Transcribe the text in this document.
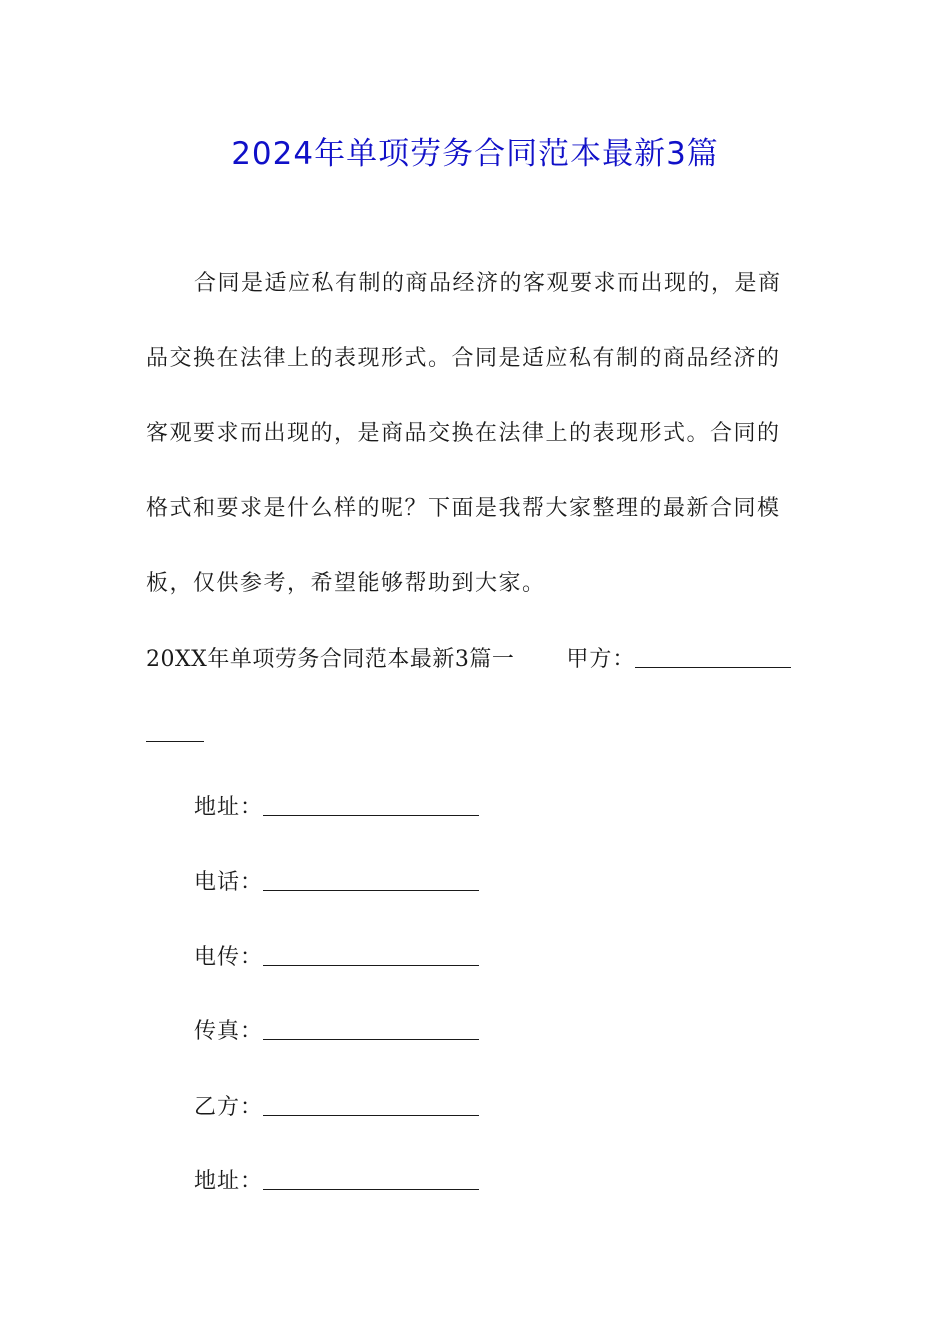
2024年单项劳务合同范本最新3篇
合同是适应私有制的商品经济的客观要求而出现的，是商
品交换在法律上的表现形式。合同是适应私有制的商品经济的
客观要求而出现的，是商品交换在法律上的表现形式。合同的
格式和要求是什么样的呢？下面是我帮大家整理的最新合同模
板，仅供参考，希望能够帮助到大家。
20XX年单项劳务合同范本最新3篇一 甲方：
地址：
电话：
电传：
传真：
乙方：
地址：
